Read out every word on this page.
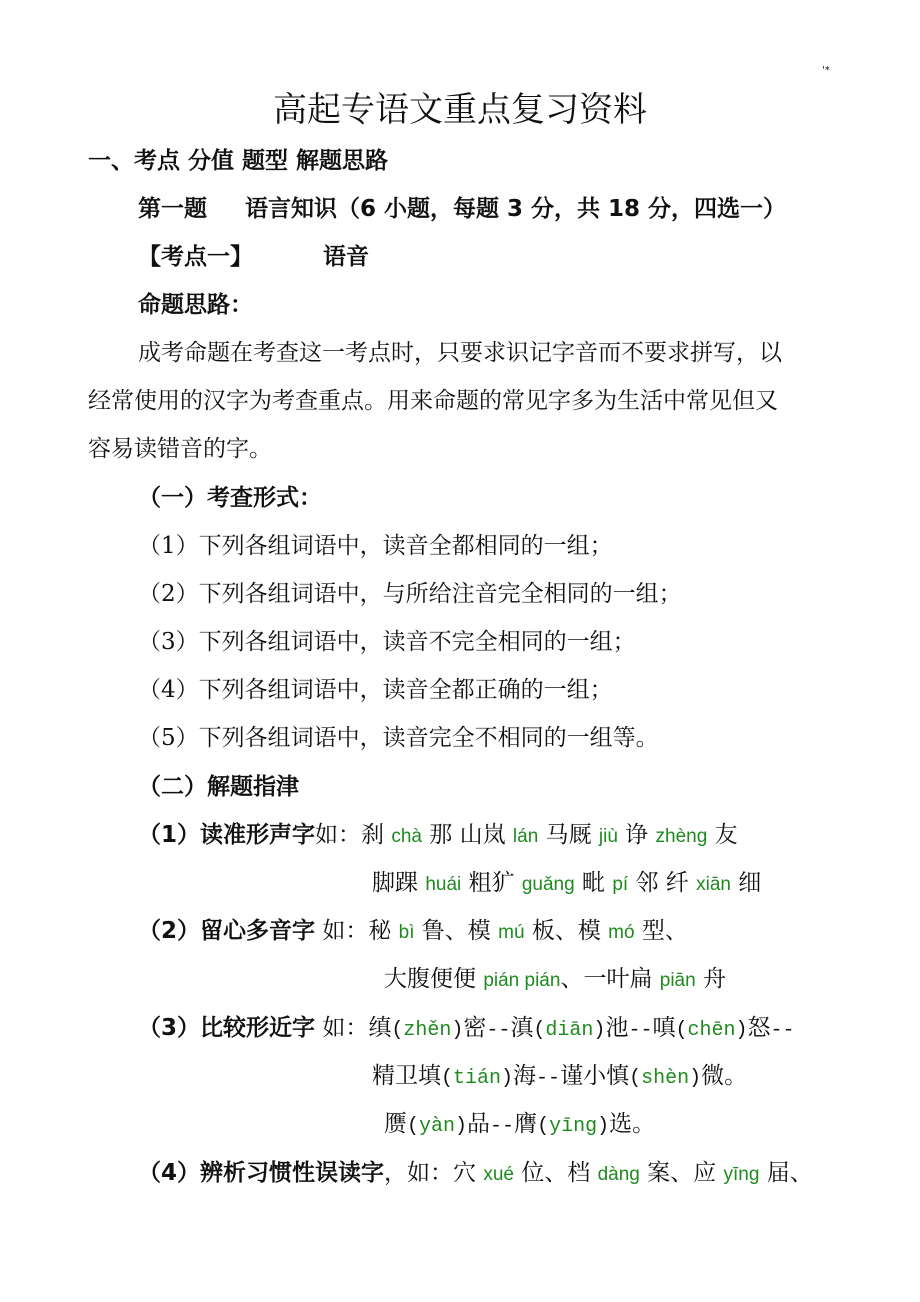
'*
高起专语文重点复习资料
一、考点 分值 题型 解题思路
第一题 语言知识（6 小题，每题 3 分，共 18 分，四选一）
【考点一】	语音
命题思路：
成考命题在考查这一考点时，只要求识记字音而不要求拼写，以
经常使用的汉字为考查重点。用来命题的常见字多为生活中常见但又
容易读错音的字。
（一）考查形式：
（1）下列各组词语中，读音全都相同的一组；
（2）下列各组词语中，与所给注音完全相同的一组；
（3）下列各组词语中，读音不完全相同的一组；
（4）下列各组词语中，读音全都正确的一组；
（5）下列各组词语中，读音完全不相同的一组等。
（二）解题指津
（1）读准形声字如：刹 chà 那 山岚 lán 马厩 jiù 诤 zhèng 友
脚踝 huái 粗犷 guǎng 毗 pí 邻 纤 xiān 细
（2）留心多音字 如：秘 bì 鲁、模 mú 板、模 mó 型、
大腹便便 pián pián、一叶扁 piān 舟
（3）比较形近字 如：缜(zhěn)密--滇(diān)池--嗔(chēn)怒--
精卫填(tián)海--谨小慎(shèn)微。
赝(yàn)品--膺(yīng)选。
（4）辨析习惯性误读字，如：穴 xué 位、档 dàng 案、应 yīng 届、
